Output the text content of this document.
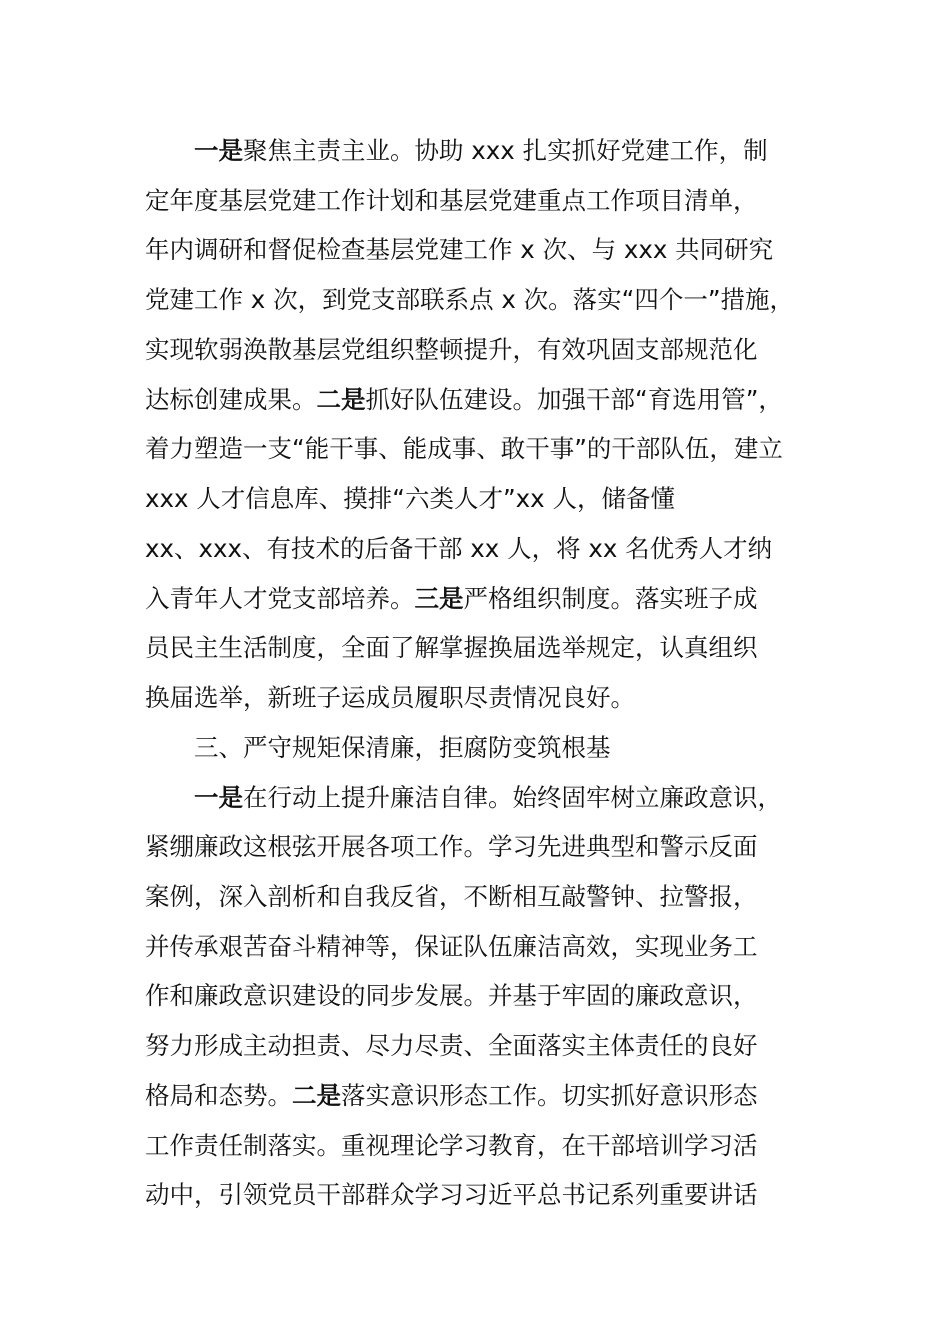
一是聚焦主责主业。协助 xxx 扎实抓好党建工作，制
定年度基层党建工作计划和基层党建重点工作项目清单，
年内调研和督促检查基层党建工作 x 次、与 xxx 共同研究
党建工作 x 次，到党支部联系点 x 次。落实“四个一”措施，
实现软弱涣散基层党组织整顿提升，有效巩固支部规范化
达标创建成果。二是抓好队伍建设。加强干部“育选用管”，
着力塑造一支“能干事、能成事、敢干事”的干部队伍，建立
xxx 人才信息库、摸排“六类人才”xx 人，储备懂
xx、xxx、有技术的后备干部 xx 人，将 xx 名优秀人才纳
入青年人才党支部培养。三是严格组织制度。落实班子成
员民主生活制度，全面了解掌握换届选举规定，认真组织
换届选举，新班子运成员履职尽责情况良好。
三、严守规矩保清廉，拒腐防变筑根基
一是在行动上提升廉洁自律。始终固牢树立廉政意识，
紧绷廉政这根弦开展各项工作。学习先进典型和警示反面
案例，深入剖析和自我反省，不断相互敲警钟、拉警报，
并传承艰苦奋斗精神等，保证队伍廉洁高效，实现业务工
作和廉政意识建设的同步发展。并基于牢固的廉政意识，
努力形成主动担责、尽力尽责、全面落实主体责任的良好
格局和态势。二是落实意识形态工作。切实抓好意识形态
工作责任制落实。重视理论学习教育，在干部培训学习活
动中，引领党员干部群众学习习近平总书记系列重要讲话
